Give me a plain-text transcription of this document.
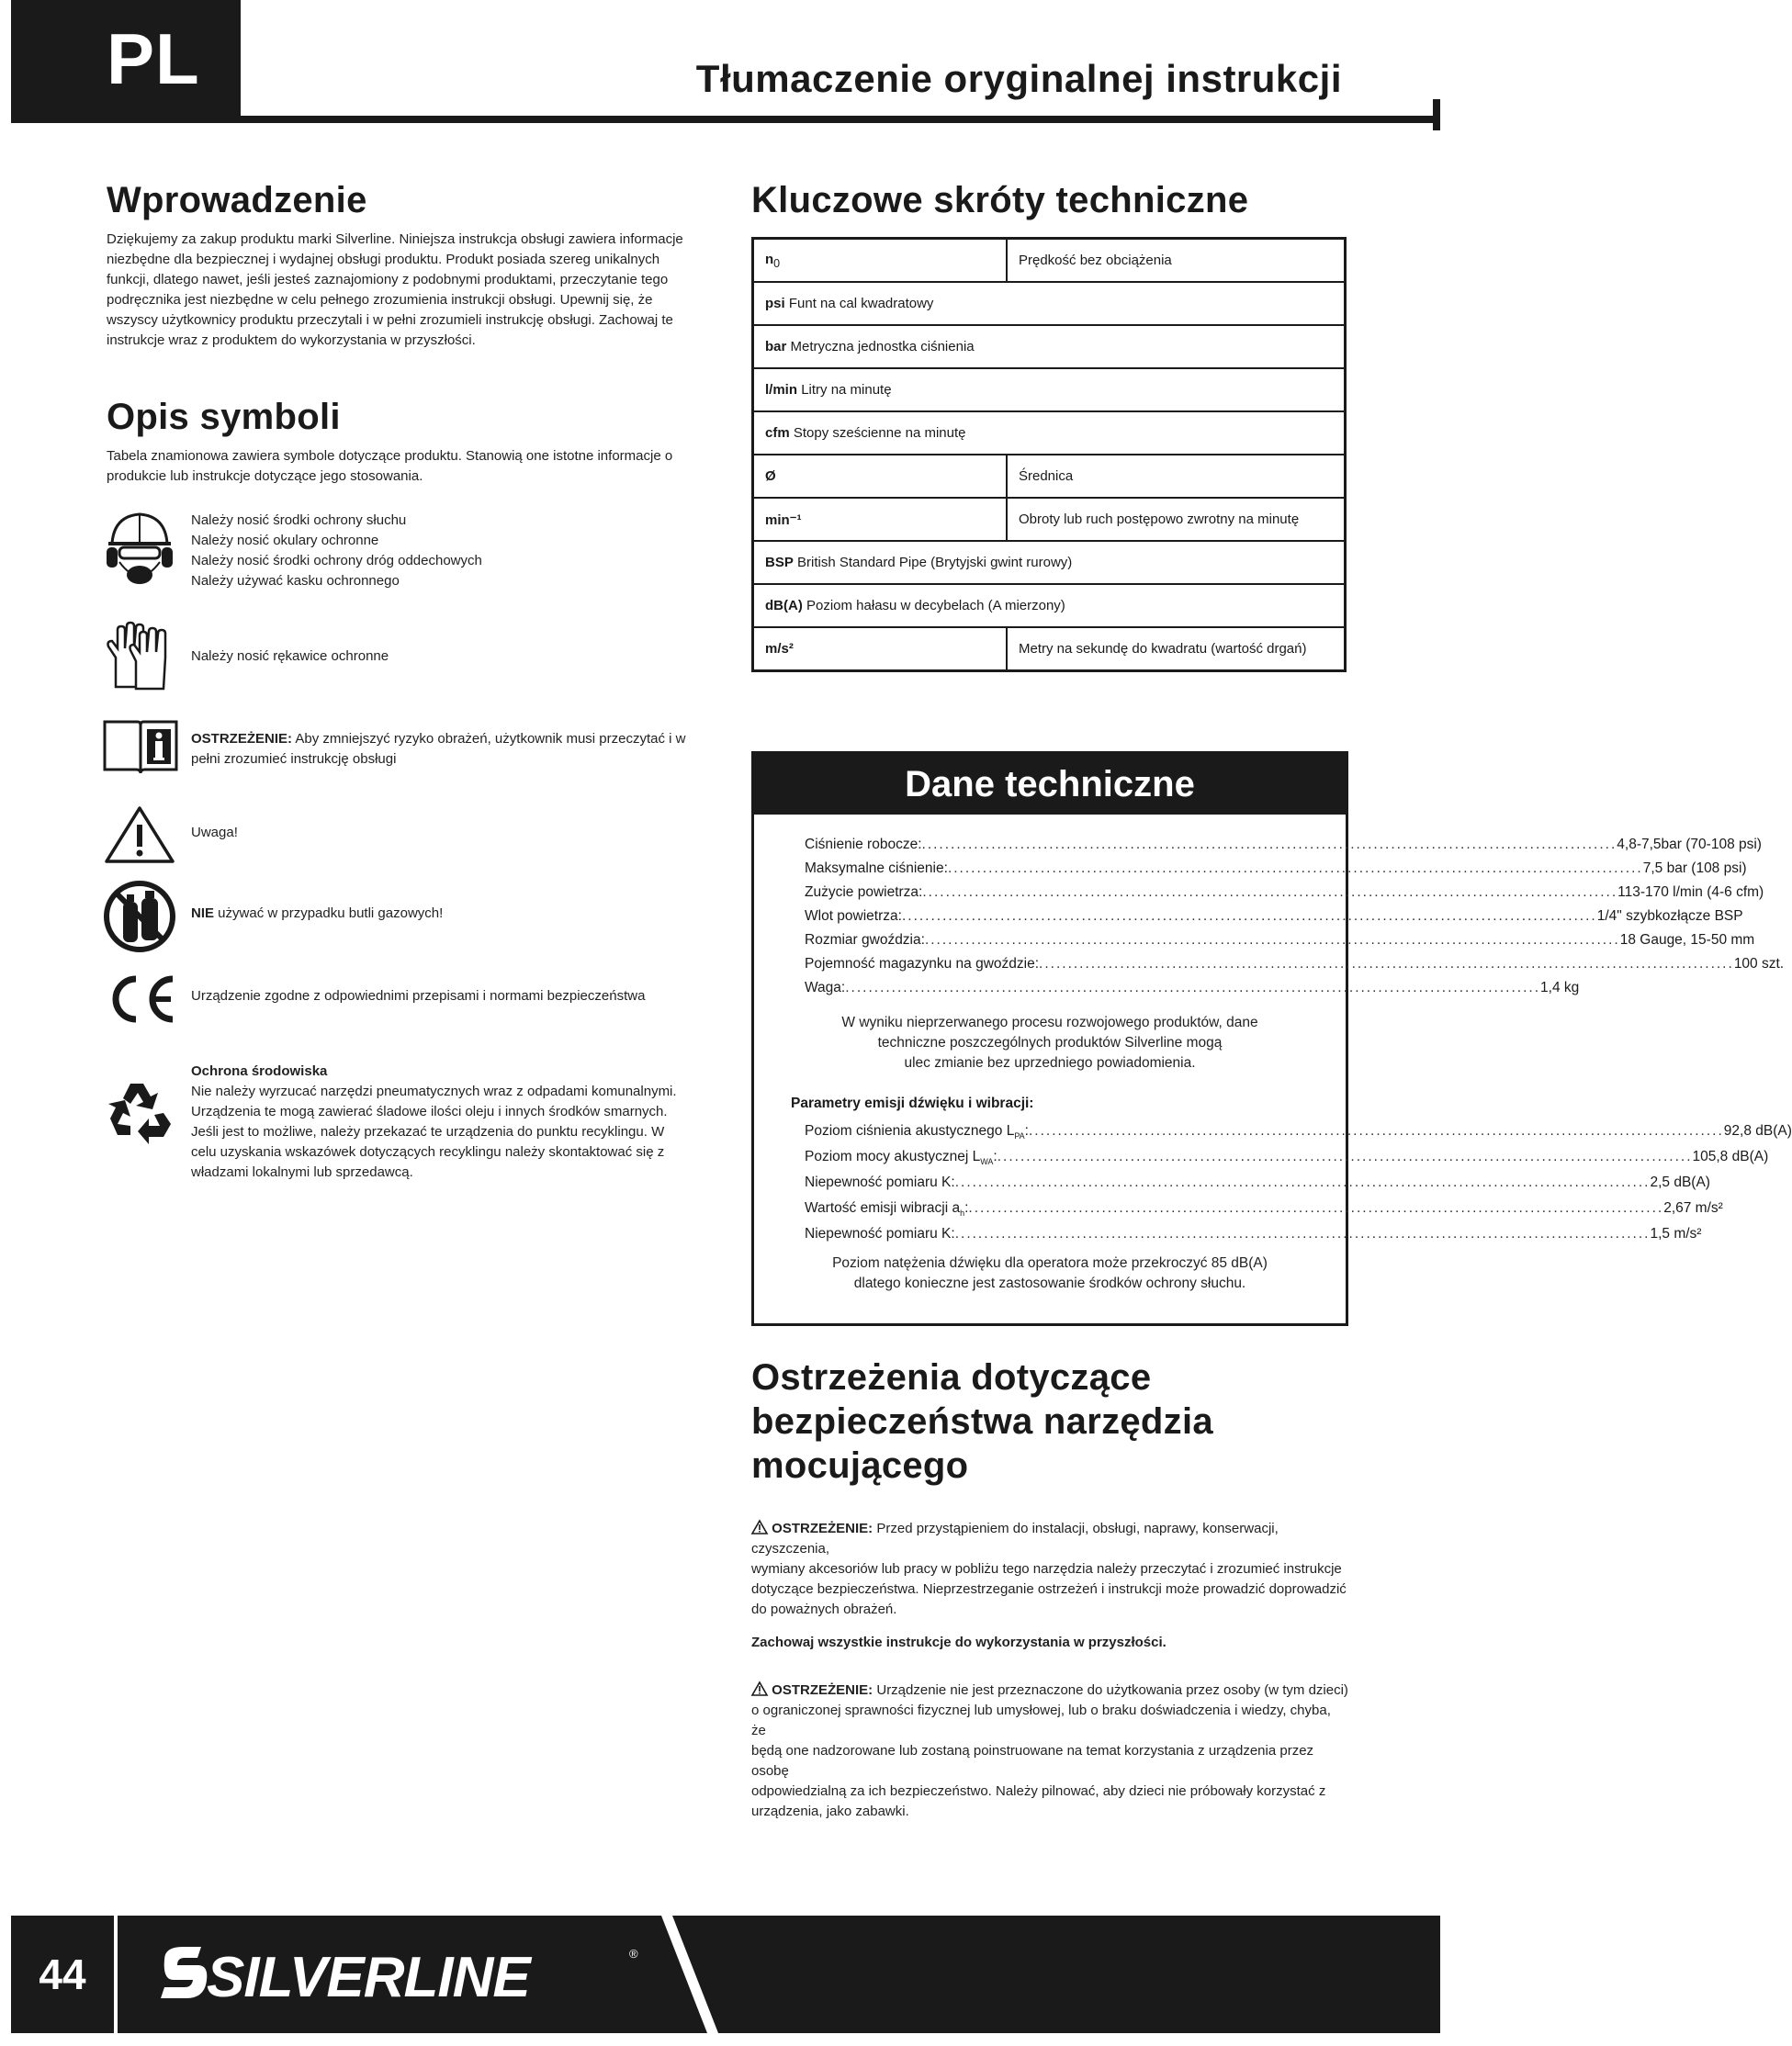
PL	Tłumaczenie oryginalnej instrukcji
Wprowadzenie
Dziękujemy za zakup produktu marki Silverline. Niniejsza instrukcja obsługi zawiera informacje
niezbędne dla bezpiecznej i wydajnej obsługi produktu. Produkt posiada szereg unikalnych
funkcji, dlatego nawet, jeśli jesteś zaznajomiony z podobnymi produktami, przeczytanie tego
podręcznika jest niezbędne w celu pełnego zrozumienia instrukcji obsługi. Upewnij się, że
wszyscy użytkownicy produktu przeczytali i w pełni zrozumieli instrukcję obsługi. Zachowaj te
instrukcje wraz z produktem do wykorzystania w przyszłości.
Opis symboli
Tabela znamionowa zawiera symbole dotyczące produktu. Stanowią one istotne informacje o
produkcie lub instrukcje dotyczące jego stosowania.
Należy nosić środki ochrony słuchu
Należy nosić okulary ochronne
Należy nosić środki ochrony dróg oddechowych
Należy używać kasku ochronnego
Należy nosić rękawice ochronne
OSTRZEŻENIE: Aby zmniejszyć ryzyko obrażeń, użytkownik musi przeczytać i w
pełni zrozumieć instrukcję obsługi
Uwaga!
NIE używać w przypadku butli gazowych!
Urządzenie zgodne z odpowiednimi przepisami i normami bezpieczeństwa
Ochrona środowiska
Nie należy wyrzucać narzędzi pneumatycznych wraz z odpadami komunalnymi.
Urządzenia te mogą zawierać śladowe ilości oleju i innych środków smarnych.
Jeśli jest to możliwe, należy przekazać te urządzenia do punktu recyklingu. W
celu uzyskania wskazówek dotyczących recyklingu należy skontaktować się z
władzami lokalnymi lub sprzedawcą.
Kluczowe skróty techniczne
$n_0$	Prędkość bez obciążenia
psi Funt na cal kwadratowy	
bar Metryczna jednostka ciśnienia	
l/min Litry na minutę	
cfm Stopy sześcienne na minutę	
Ø	Średnica
min⁻¹	Obroty lub ruch postępowo zwrotny na minutę
BSP British Standard Pipe (Brytyjski gwint rurowy)	
dB(A) Poziom hałasu w decybelach (A mierzony)	
m/s²	Metry na sekundę do kwadratu (wartość drgań)
Dane techniczne
W wyniku nieprzerwanego procesu rozwojowego produktów, dane
techniczne poszczególnych produktów Silverline mogą
ulec zmianie bez uprzedniego powiadomienia.
Parametry emisji dźwięku i wibracji:
Poziom natężenia dźwięku dla operatora może przekroczyć 85 dB(A)
dlatego konieczne jest zastosowanie środków ochrony słuchu.
Ciśnienie robocze: ........................................................................................................................ 4,8-7,5bar (70-108 psi)
Maksymalne ciśnienie: ........................................................................................................................ 7,5 bar (108 psi)
Zużycie powietrza: ........................................................................................................................ 113-170 l/min (4-6 cfm)
Wlot powietrza: ........................................................................................................................ 1/4" szybkozłącze BSP
Rozmiar gwoździa: ........................................................................................................................ 18 Gauge, 15-50 mm
Pojemność magazynku na gwoździe: ........................................................................................................................ 100 szt.
Waga: ........................................................................................................................ 1,4 kg
Poziom ciśnienia akustycznego $L_{PA}$: ........................................................................................................................ 92,8 dB(A)
Poziom mocy akustycznej $L_{WA}$: ........................................................................................................................ 105,8 dB(A)
Niepewność pomiaru K: ........................................................................................................................ 2,5 dB(A)
Wartość emisji wibracji $a_h$: ........................................................................................................................ 2,67 m/s²
Niepewność pomiaru K: ........................................................................................................................ 1,5 m/s²
Ostrzeżenia dotyczące
bezpieczeństwa narzędzia
mocującego
OSTRZEŻENIE: Przed przystąpieniem do instalacji, obsługi, naprawy, konserwacji, czyszczenia,
wymiany akcesoriów lub pracy w pobliżu tego narzędzia należy przeczytać i zrozumieć instrukcje
dotyczące bezpieczeństwa. Nieprzestrzeganie ostrzeżeń i instrukcji może prowadzić doprowadzić
do poważnych obrażeń.
Zachowaj wszystkie instrukcje do wykorzystania w przyszłości.
OSTRZEŻENIE: Urządzenie nie jest przeznaczone do użytkowania przez osoby (w tym dzieci)
o ograniczonej sprawności fizycznej lub umysłowej, lub o braku doświadczenia i wiedzy, chyba, że
będą one nadzorowane lub zostaną poinstruowane na temat korzystania z urządzenia przez osobę
odpowiedzialną za ich bezpieczeństwo. Należy pilnować, aby dzieci nie próbowały korzystać z
urządzenia, jako zabawki.
44	SILVERLINE	®
